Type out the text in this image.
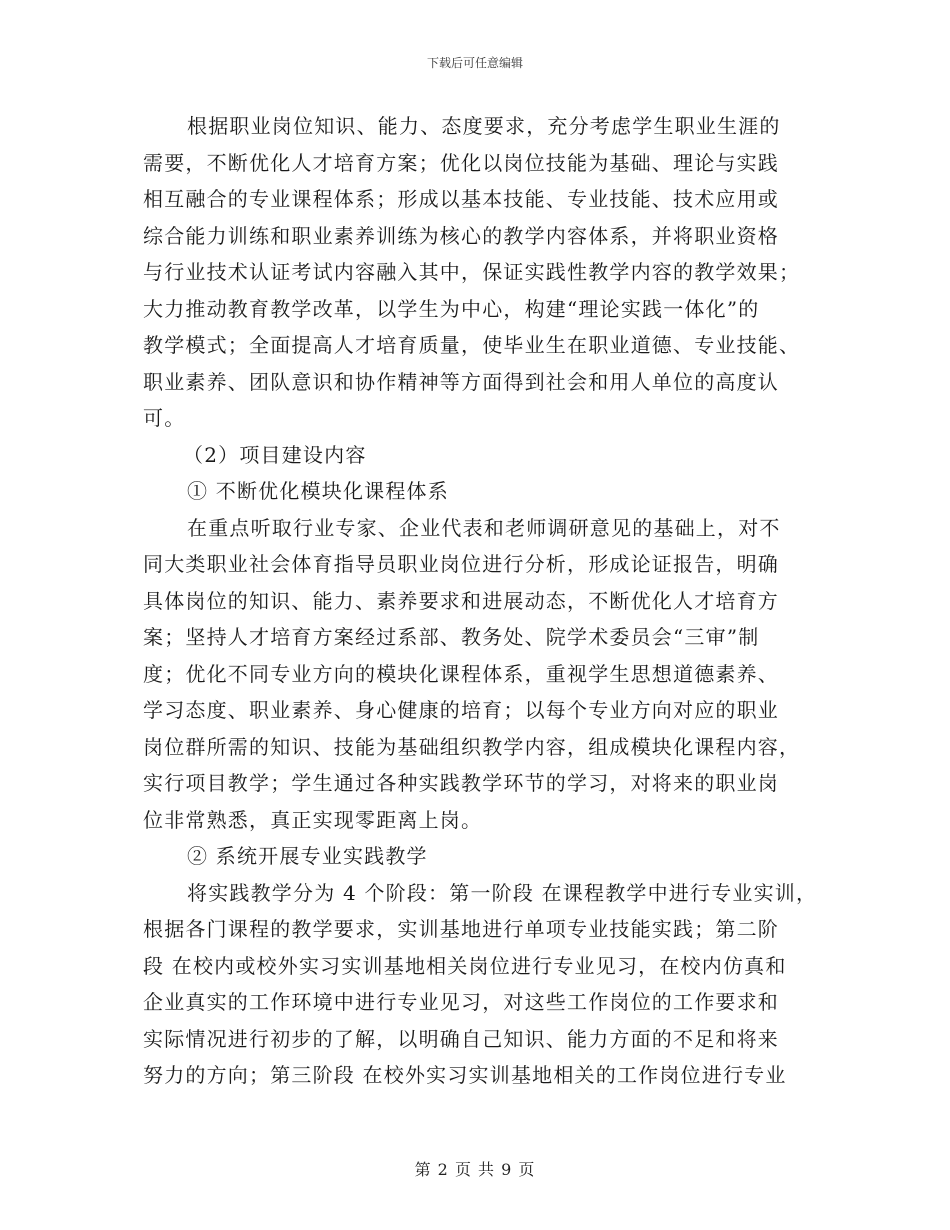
下载后可任意编辑
根据职业岗位知识、能力、态度要求，充分考虑学生职业生涯的
需要，不断优化人才培育方案；优化以岗位技能为基础、理论与实践
相互融合的专业课程体系；形成以基本技能、专业技能、技术应用或
综合能力训练和职业素养训练为核心的教学内容体系，并将职业资格
与行业技术认证考试内容融入其中，保证实践性教学内容的教学效果；
大力推动教育教学改革，以学生为中心，构建“理论实践一体化”的
教学模式；全面提高人才培育质量，使毕业生在职业道德、专业技能、
职业素养、团队意识和协作精神等方面得到社会和用人单位的高度认
可。
（2）项目建设内容
① 不断优化模块化课程体系
在重点听取行业专家、企业代表和老师调研意见的基础上，对不
同大类职业社会体育指导员职业岗位进行分析，形成论证报告，明确
具体岗位的知识、能力、素养要求和进展动态，不断优化人才培育方
案；坚持人才培育方案经过系部、教务处、院学术委员会“三审”制
度；优化不同专业方向的模块化课程体系，重视学生思想道德素养、
学习态度、职业素养、身心健康的培育；以每个专业方向对应的职业
岗位群所需的知识、技能为基础组织教学内容，组成模块化课程内容，
实行项目教学；学生通过各种实践教学环节的学习，对将来的职业岗
位非常熟悉，真正实现零距离上岗。
② 系统开展专业实践教学
将实践教学分为 4 个阶段：第一阶段 在课程教学中进行专业实训，
根据各门课程的教学要求，实训基地进行单项专业技能实践；第二阶
段 在校内或校外实习实训基地相关岗位进行专业见习，在校内仿真和
企业真实的工作环境中进行专业见习，对这些工作岗位的工作要求和
实际情况进行初步的了解，以明确自己知识、能力方面的不足和将来
努力的方向；第三阶段 在校外实习实训基地相关的工作岗位进行专业
第 2 页 共 9 页
